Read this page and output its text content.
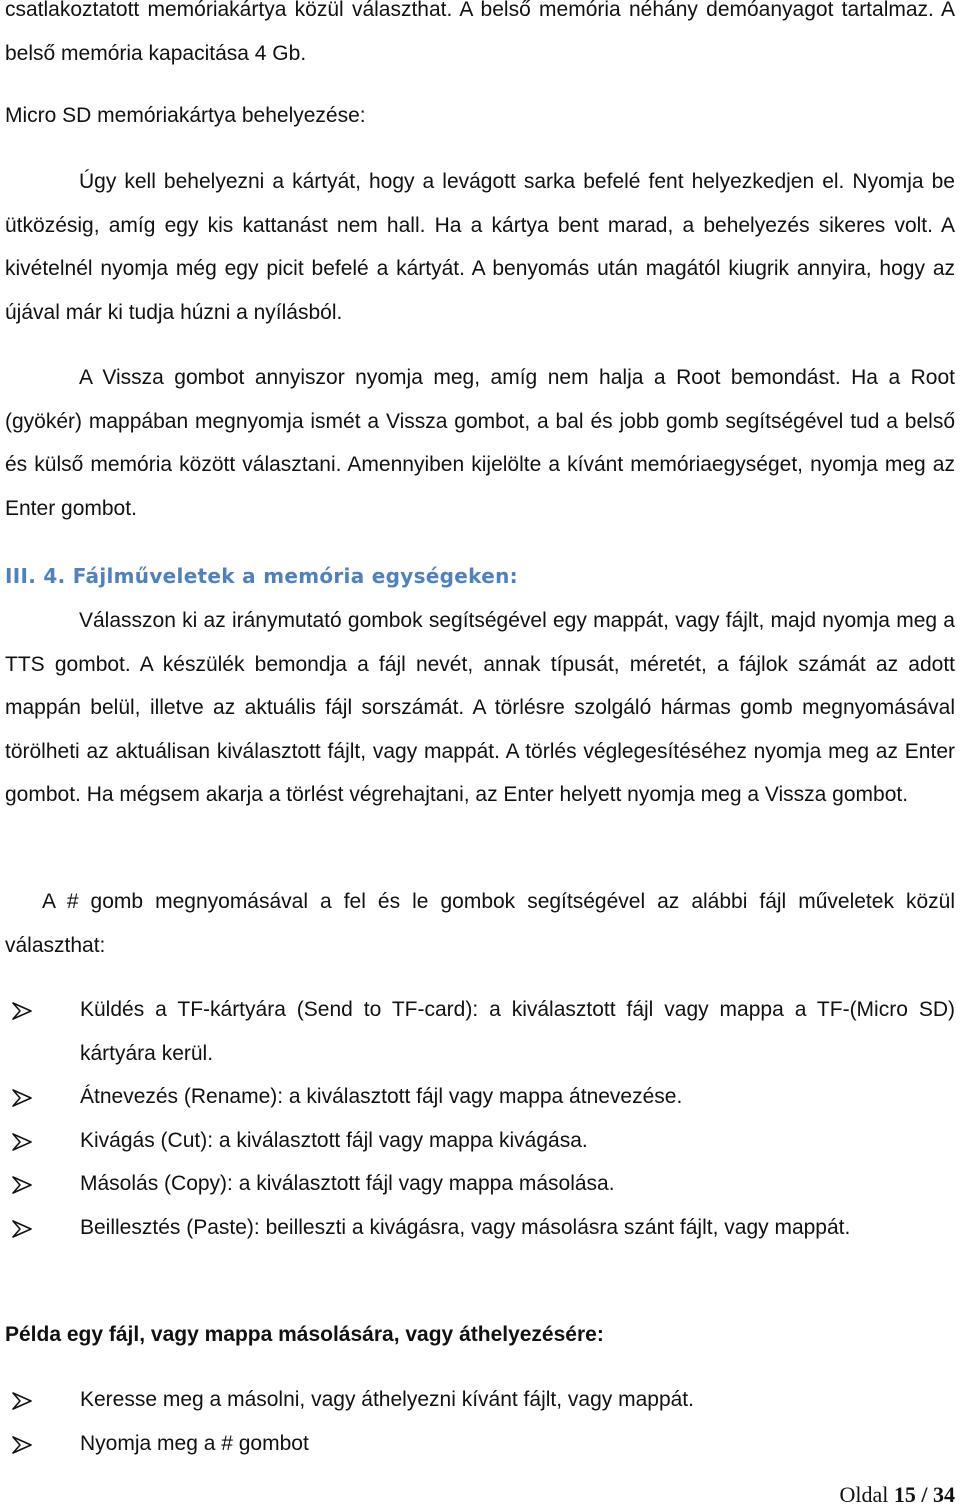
csatlakoztatott memóriakártya közül választhat. A belső memória néhány demóanyagot tartalmaz. A belső memória kapacitása 4 Gb.

Micro SD memóriakártya behelyezése:

Úgy kell behelyezni a kártyát, hogy a levágott sarka befelé fent helyezkedjen el. Nyomja be ütközésig, amíg egy kis kattanást nem hall. Ha a kártya bent marad, a behelyezés sikeres volt. A kivételnél nyomja még egy picit befelé a kártyát. A benyomás után magától kiugrik annyira, hogy az újával már ki tudja húzni a nyílásból.

A Vissza gombot annyiszor nyomja meg, amíg nem halja a Root bemondást. Ha a Root (gyökér) mappában megnyomja ismét a Vissza gombot, a bal és jobb gomb segítségével tud a belső és külső memória között választani. Amennyiben kijelölte a kívánt memóriaegységet, nyomja meg az Enter gombot.

III. 4. Fájlműveletek a memória egységeken:

Válasszon ki az iránymutató gombok segítségével egy mappát, vagy fájlt, majd nyomja meg a TTS gombot. A készülék bemondja a fájl nevét, annak típusát, méretét, a fájlok számát az adott mappán belül, illetve az aktuális fájl sorszámát. A törlésre szolgáló hármas gomb megnyomásával törölheti az aktuálisan kiválasztott fájlt, vagy mappát. A törlés véglegesítéséhez nyomja meg az Enter gombot. Ha mégsem akarja a törlést végrehajtani, az Enter helyett nyomja meg a Vissza gombot.

A # gomb megnyomásával a fel és le gombok segítségével az alábbi fájl műveletek közül választhat:

Küldés a TF-kártyára (Send to TF-card): a kiválasztott fájl vagy mappa a TF-(Micro SD) kártyára kerül.
Átnevezés (Rename): a kiválasztott fájl vagy mappa átnevezése.
Kivágás (Cut): a kiválasztott fájl vagy mappa kivágása.
Másolás (Copy): a kiválasztott fájl vagy mappa másolása.
Beillesztés (Paste): beilleszti a kivágásra, vagy másolásra szánt fájlt, vagy mappát.

Példa egy fájl, vagy mappa másolására, vagy áthelyezésére:

Keresse meg a másolni, vagy áthelyezni kívánt fájlt, vagy mappát.
Nyomja meg a # gombot
Oldal 15 / 34
